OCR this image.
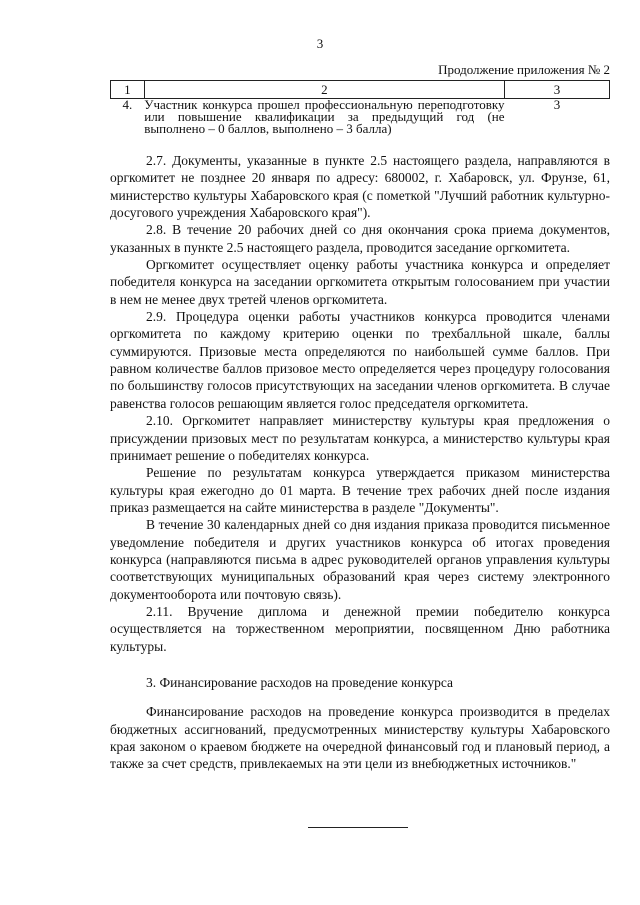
3
Продолжение приложения № 2
1	2	3
4.	Участник конкурса прошел профессиональную переподготовку или повышение квалификации за предыдущий год (не выполнено – 0 баллов, выполнено – 3 балла)	3

2.7. Документы, указанные в пункте 2.5 настоящего раздела, направляются в оргкомитет не позднее 20 января по адресу: 680002, г. Хабаровск, ул. Фрунзе, 61, министерство культуры Хабаровского края (с пометкой "Лучший работник культурно-досугового учреждения Хабаровского края").

2.8. В течение 20 рабочих дней со дня окончания срока приема документов, указанных в пункте 2.5 настоящего раздела, проводится заседание оргкомитета.

Оргкомитет осуществляет оценку работы участника конкурса и определяет победителя конкурса на заседании оргкомитета открытым голосованием при участии в нем не менее двух третей членов оргкомитета.

2.9. Процедура оценки работы участников конкурса проводится членами оргкомитета по каждому критерию оценки по трехбалльной шкале, баллы суммируются. Призовые места определяются по наибольшей сумме баллов. При равном количестве баллов призовое место определяется через процедуру голосования по большинству голосов присутствующих на заседании членов оргкомитета. В случае равенства голосов решающим является голос председателя оргкомитета.

2.10. Оргкомитет направляет министерству культуры края предложения о присуждении призовых мест по результатам конкурса, а министерство культуры края принимает решение о победителях конкурса.

Решение по результатам конкурса утверждается приказом министерства культуры края ежегодно до 01 марта. В течение трех рабочих дней после издания приказ размещается на сайте министерства в разделе "Документы".

В течение 30 календарных дней со дня издания приказа проводится письменное уведомление победителя и других участников конкурса об итогах проведения конкурса (направляются письма в адрес руководителей органов управления культуры соответствующих муниципальных образований края через систему электронного документооборота или почтовую связь).

2.11. Вручение диплома и денежной премии победителю конкурса осуществляется на торжественном мероприятии, посвященном Дню работника культуры.

3. Финансирование расходов на проведение конкурса

Финансирование расходов на проведение конкурса производится в пределах бюджетных ассигнований, предусмотренных министерству культуры Хабаровского края законом о краевом бюджете на очередной финансовый год и плановый период, а также за счет средств, привлекаемых на эти цели из внебюджетных источников."
